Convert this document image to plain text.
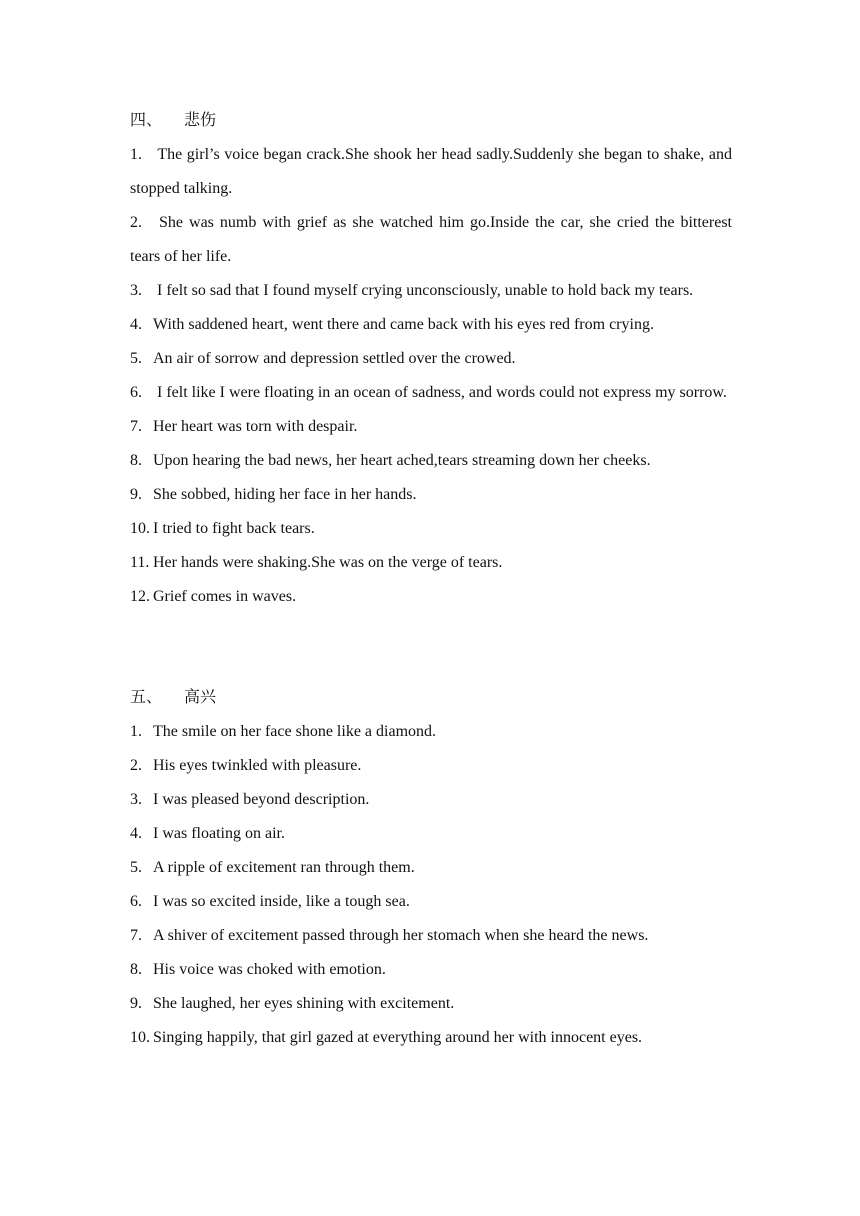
四、 悲伤
1. The girl’s voice began crack.She shook her head sadly.Suddenly she began to shake, and stopped talking.
2. She was numb with grief as she watched him go.Inside the car, she cried the bitterest tears of her life.
3. I felt so sad that I found myself crying unconsciously, unable to hold back my tears.
4. With saddened heart, went there and came back with his eyes red from crying.
5. An air of sorrow and depression settled over the crowed.
6. I felt like I were floating in an ocean of sadness, and words could not express my sorrow.
7. Her heart was torn with despair.
8. Upon hearing the bad news, her heart ached,tears streaming down her cheeks.
9. She sobbed, hiding her face in her hands.
10. I tried to fight back tears.
11. Her hands were shaking.She was on the verge of tears.
12. Grief comes in waves.
五、 高兴
1. The smile on her face shone like a diamond.
2. His eyes twinkled with pleasure.
3. I was pleased beyond description.
4. I was floating on air.
5. A ripple of excitement ran through them.
6. I was so excited inside, like a tough sea.
7. A shiver of excitement passed through her stomach when she heard the news.
8. His voice was choked with emotion.
9. She laughed, her eyes shining with excitement.
10. Singing happily, that girl gazed at everything around her with innocent eyes.
